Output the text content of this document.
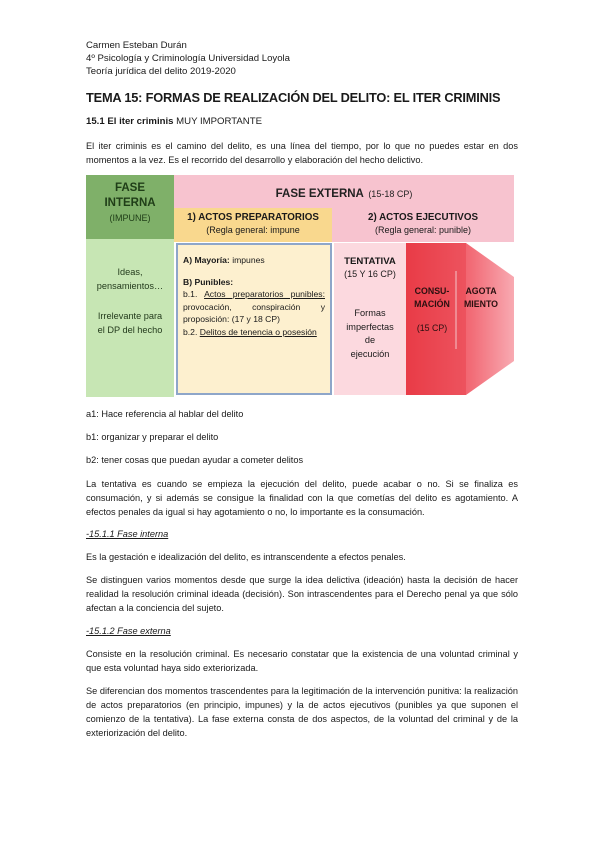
Carmen Esteban Durán
4º Psicología y Criminología Universidad Loyola
Teoría jurídica del delito 2019-2020
TEMA 15: FORMAS DE REALIZACIÓN DEL DELITO: EL ITER CRIMINIS
15.1 El iter criminis MUY IMPORTANTE
El iter criminis es el camino del delito, es una línea del tiempo, por lo que no puedes estar en dos momentos a la vez. Es el recorrido del desarrollo y elaboración del hecho delictivo.
FASE
INTERNA
(IMPUNE)
Ideas,
pensamientos…
Irrelevante para
el DP del hecho
FASE EXTERNA (15-18 CP)
1) ACTOS PREPARATORIOS
(Regla general: impune
2) ACTOS EJECUTIVOS
(Regla general: punible)
A) Mayoría: impunes
B) Punibles:
b.1. Actos preparatorios punibles: provocación, conspiración y proposición: (17 y 18 CP)
b.2. Delitos de tenencia o posesión
TENTATIVA
(15 Y 16 CP)
Formas
imperfectas
de
ejecución
CONSU-
MACIÓN
(15 CP)
AGOTA
MIENTO
a1: Hace referencia al hablar del delito
b1: organizar y preparar el delito
b2: tener cosas que puedan ayudar a cometer delitos
La tentativa es cuando se empieza la ejecución del delito, puede acabar o no. Si se finaliza es consumación, y si además se consigue la finalidad con la que cometías del delito es agotamiento. A efectos penales da igual si hay agotamiento o no, lo importante es la consumación.
-15.1.1 Fase interna
Es la gestación e idealización del delito, es intranscendente a efectos penales.
Se distinguen varios momentos desde que surge la idea delictiva (ideación) hasta la decisión de hacer realidad la resolución criminal ideada (decisión). Son intrascendentes para el Derecho penal ya que sólo afectan a la conciencia del sujeto.
-15.1.2 Fase externa
Consiste en la resolución criminal. Es necesario constatar que la existencia de una voluntad criminal y que esta voluntad haya sido exteriorizada.
Se diferencian dos momentos trascendentes para la legitimación de la intervención punitiva: la realización de actos preparatorios (en principio, impunes) y la de actos ejecutivos (punibles ya que suponen el comienzo de la tentativa). La fase externa consta de dos aspectos, de la voluntad del criminal y de la exteriorización del delito.
